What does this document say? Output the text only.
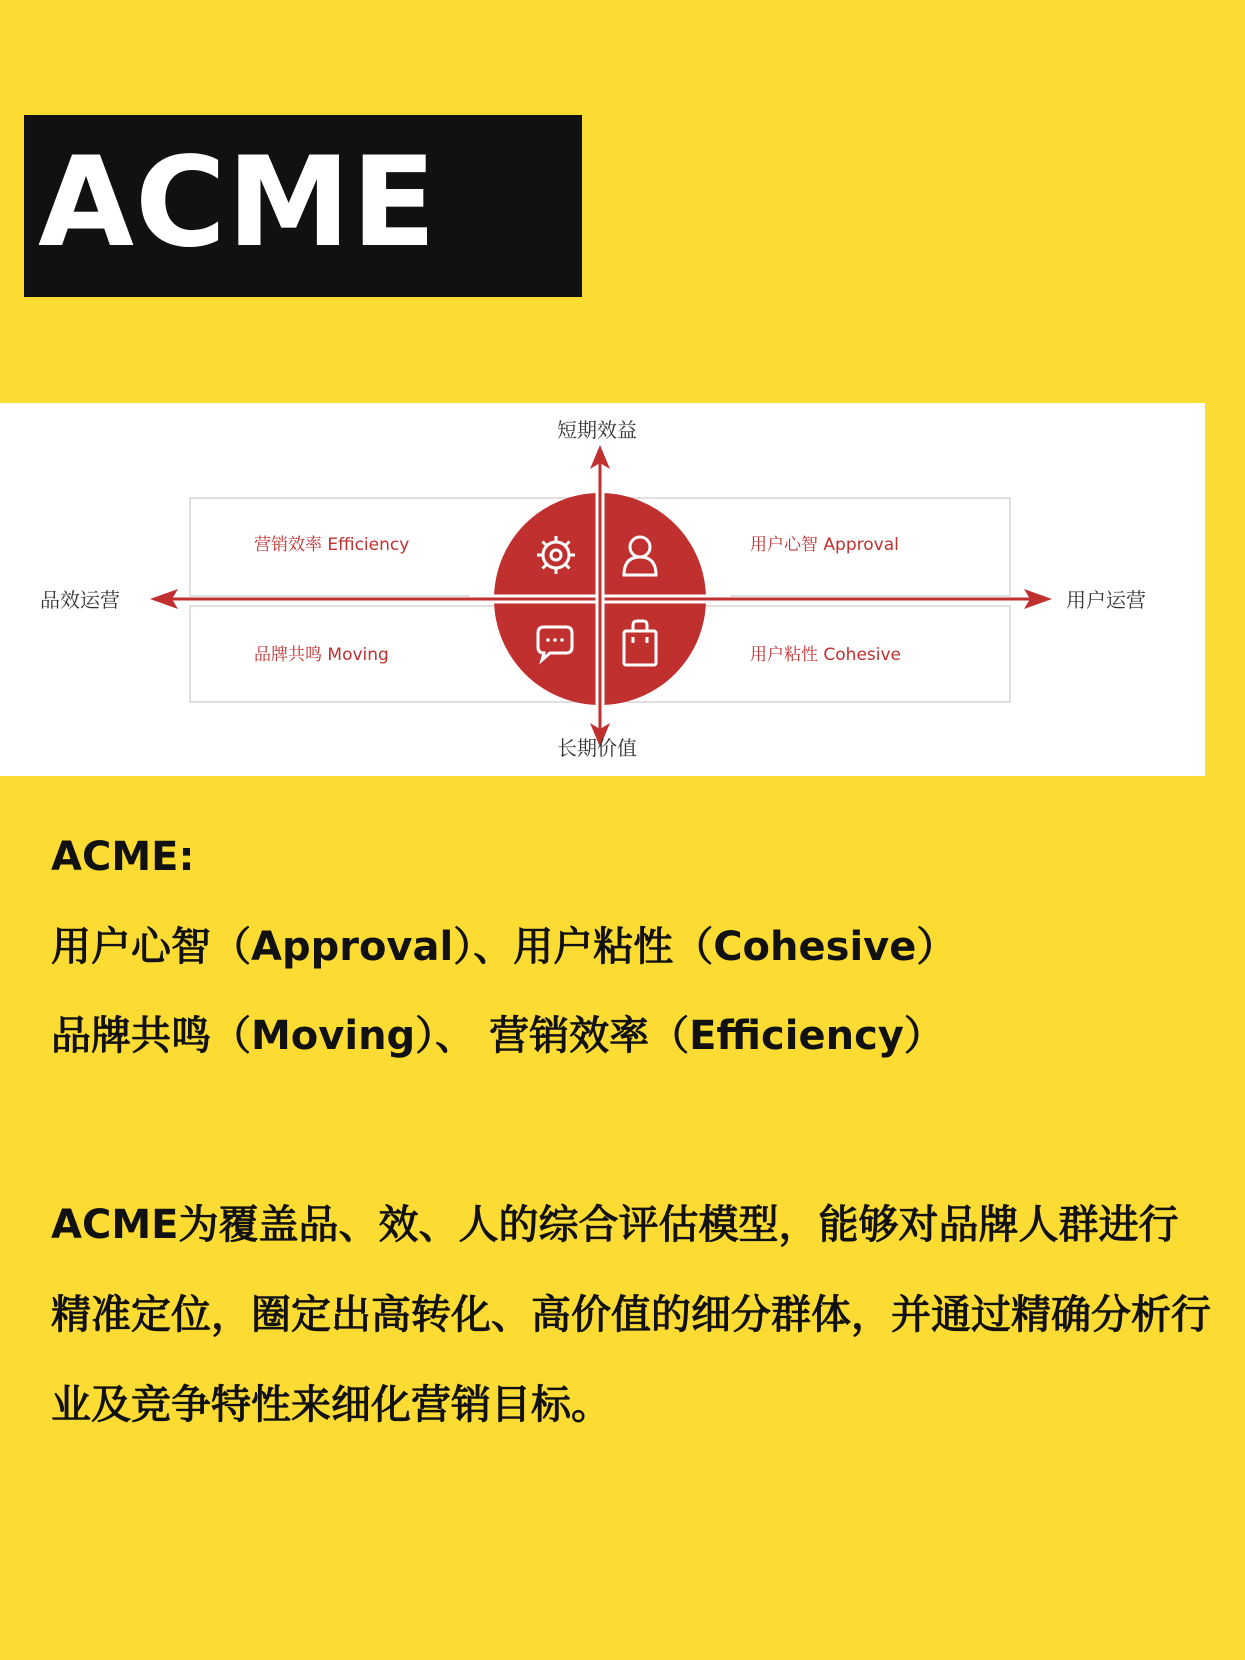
ACME
短期效益
长期价值
品效运营	用户运营
营销效率 Efficiency	用户心智 Approval
品牌共鸣 Moving	用户粘性 Cohesive
ACME:
用户心智（Approval）、用户粘性（Cohesive）
品牌共鸣（Moving）、 营销效率（Efficiency）
ACME为覆盖品、效、人的综合评估模型，能够对品牌人群进行精准定位，圈定出高转化、高价值的细分群体，并通过精确分析行业及竞争特性来细化营销目标。
